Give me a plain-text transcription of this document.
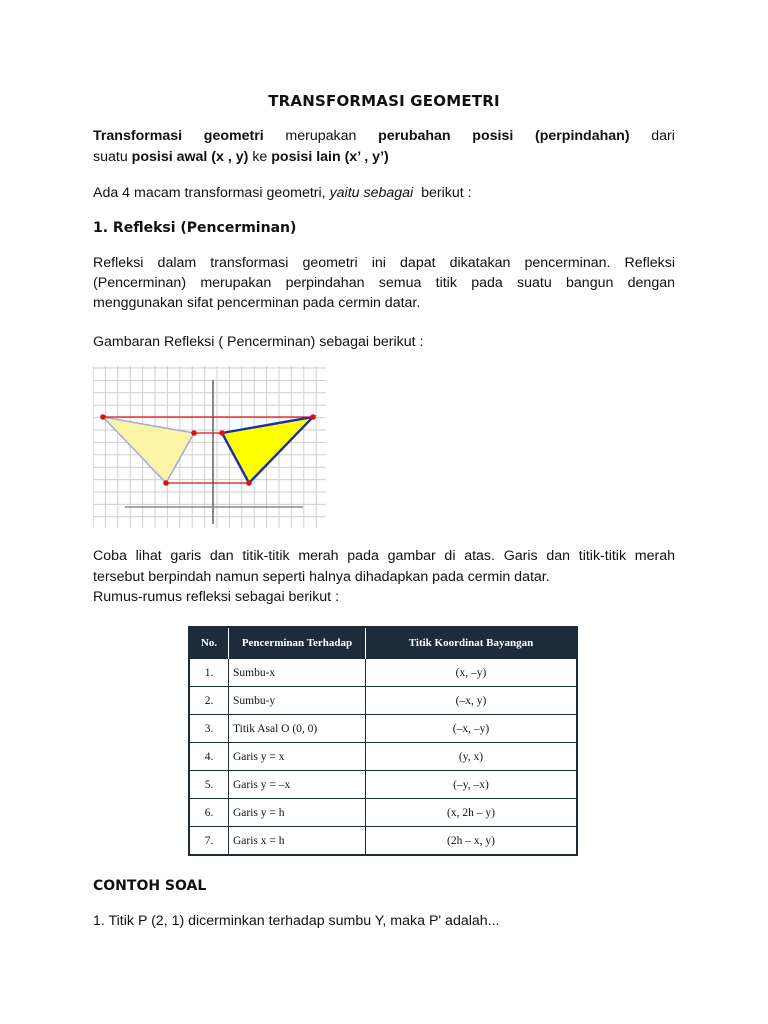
TRANSFORMASI GEOMETRI
Transformasi geometri merupakan perubahan posisi (perpindahan) dari
suatu posisi awal (x , y) ke posisi lain (x’ , y’)
Ada 4 macam transformasi geometri, yaitu sebagai berikut :
1. Refleksi (Pencerminan)
Refleksi dalam transformasi geometri ini dapat dikatakan pencerminan. Refleksi
(Pencerminan) merupakan perpindahan semua titik pada suatu bangun dengan
menggunakan sifat pencerminan pada cermin datar.
Gambaran Refleksi ( Pencerminan) sebagai berikut :
Coba lihat garis dan titik-titik merah pada gambar di atas. Garis dan titik-titik merah
tersebut berpindah namun seperti halnya dihadapkan pada cermin datar.
Rumus-rumus refleksi sebagai berikut :
No.	Pencerminan Terhadap	Titik Koordinat Bayangan
1.	Sumbu-x	(x, –y)
2.	Sumbu-y	(–x, y)
3.	Titik Asal O (0, 0)	(–x, –y)
4.	Garis y = x	(y, x)
5.	Garis y = –x	(–y, –x)
6.	Garis y = h	(x, 2h – y)
7.	Garis x = h	(2h – x, y)
CONTOH SOAL
1. Titik P (2, 1) dicerminkan terhadap sumbu Y, maka P' adalah...
